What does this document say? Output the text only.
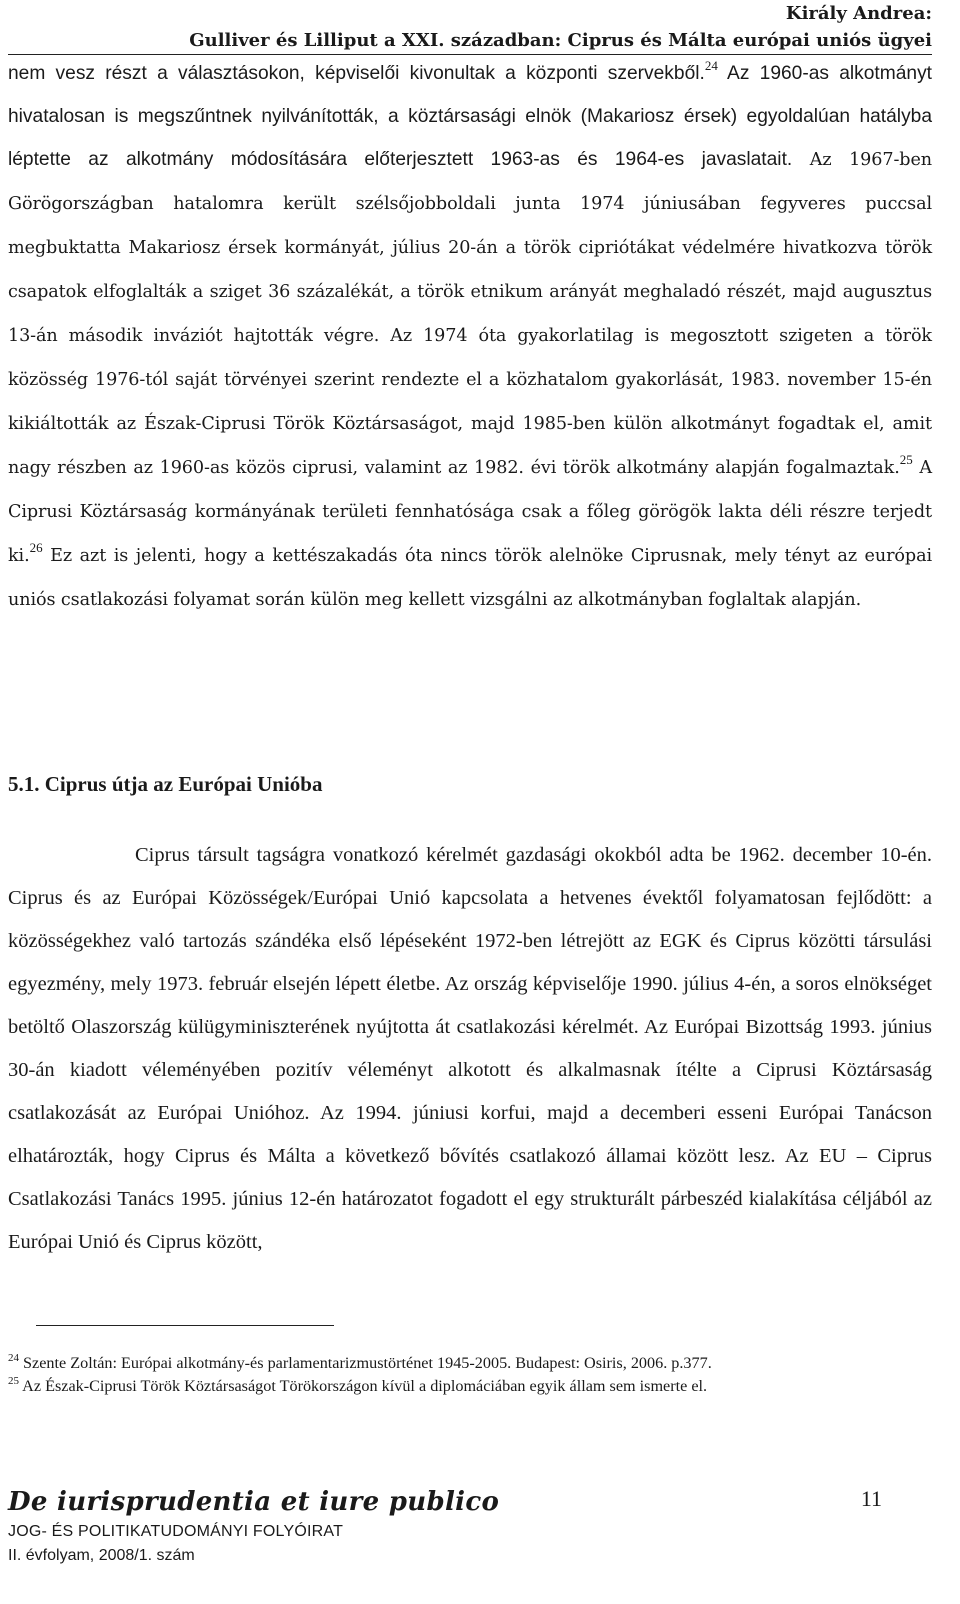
Király Andrea:
Gulliver és Lilliput a XXI. században: Ciprus és Málta európai uniós ügyei
nem vesz részt a választásokon, képviselői kivonultak a központi szervekből.$^{24}$ Az 1960-as alkotmányt hivatalosan is megszűntnek nyilvánították, a köztársasági elnök (Makariosz érsek) egyoldalúan hatályba léptette az alkotmány módosítására előterjesztett 1963-as és 1964-es javaslatait. Az 1967-ben Görögországban hatalomra került szélsőjobboldali junta 1974 júniusában fegyveres puccsal megbuktatta Makariosz érsek kormányát, július 20-án a török cipriótákat védelmére hivatkozva török csapatok elfoglalták a sziget 36 százalékát, a török etnikum arányát meghaladó részét, majd augusztus 13-án második inváziót hajtották végre. Az 1974 óta gyakorlatilag is megosztott szigeten a török közösség 1976-tól saját törvényei szerint rendezte el a közhatalom gyakorlását, 1983. november 15-én kikiáltották az Észak-Ciprusi Török Köztársaságot, majd 1985-ben külön alkotmányt fogadtak el, amit nagy részben az 1960-as közös ciprusi, valamint az 1982. évi török alkotmány alapján fogalmaztak.$^{25}$ A Ciprusi Köztársaság kormányának területi fennhatósága csak a főleg görögök lakta déli részre terjedt ki.$^{26}$ Ez azt is jelenti, hogy a kettészakadás óta nincs török alelnöke Ciprusnak, mely tényt az európai uniós csatlakozási folyamat során külön meg kellett vizsgálni az alkotmányban foglaltak alapján.
5.1. Ciprus útja az Európai Unióba
Ciprus társult tagságra vonatkozó kérelmét gazdasági okokból adta be 1962. december 10-én. Ciprus és az Európai Közösségek/Európai Unió kapcsolata a hetvenes évektől folyamatosan fejlődött: a közösségekhez való tartozás szándéka első lépéseként 1972-ben létrejött az EGK és Ciprus közötti társulási egyezmény, mely 1973. február elsején lépett életbe. Az ország képviselője 1990. július 4-én, a soros elnökséget betöltő Olaszország külügyminiszterének nyújtotta át csatlakozási kérelmét. Az Európai Bizottság 1993. június 30-án kiadott véleményében pozitív véleményt alkotott és alkalmasnak ítélte a Ciprusi Köztársaság csatlakozását az Európai Unióhoz. Az 1994. júniusi korfui, majd a decemberi esseni Európai Tanácson elhatározták, hogy Ciprus és Málta a következő bővítés csatlakozó államai között lesz. Az EU – Ciprus Csatlakozási Tanács 1995. június 12-én határozatot fogadott el egy strukturált párbeszéd kialakítása céljából az Európai Unió és Ciprus között,
$^{24}$ Szente Zoltán: Európai alkotmány-és parlamentarizmustörténet 1945-2005. Budapest: Osiris, 2006. p.377.
$^{25}$ Az Észak-Ciprusi Török Köztársaságot Törökországon kívül a diplomáciában egyik állam sem ismerte el.
De iurisprudentia et iure publico
JOG- ÉS POLITIKATUDOMÁNYI FOLYÓIRAT
II. évfolyam, 2008/1. szám
11
